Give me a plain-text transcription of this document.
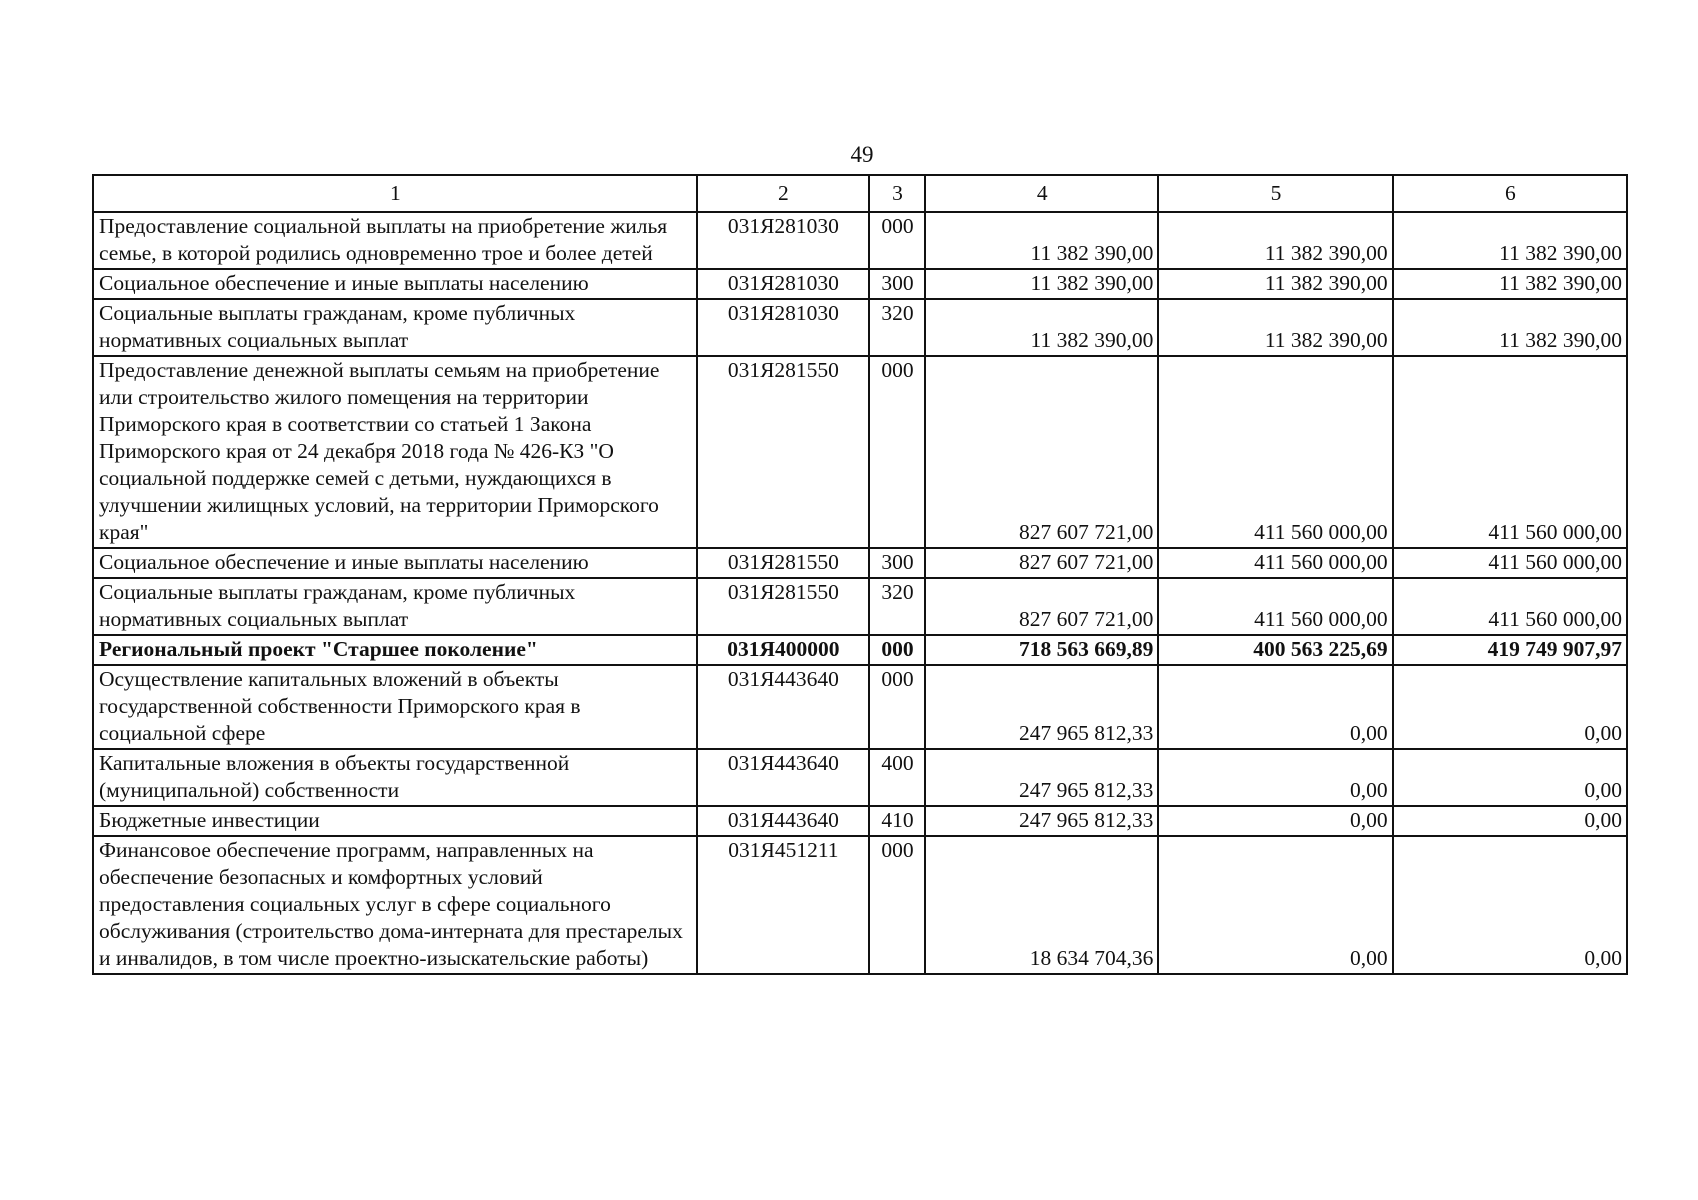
49
1	2	3	4	5	6
Предоставление социальной выплаты на приобретение жилья семье, в которой родились одновременно трое и более детей	031Я281030	000	11 382 390,00	11 382 390,00	11 382 390,00
Социальное обеспечение и иные выплаты населению	031Я281030	300	11 382 390,00	11 382 390,00	11 382 390,00
Социальные выплаты гражданам, кроме публичных нормативных социальных выплат	031Я281030	320	11 382 390,00	11 382 390,00	11 382 390,00
Предоставление денежной выплаты семьям на приобретение или строительство жилого помещения на территории Приморского края в соответствии со статьей 1 Закона Приморского края от 24 декабря 2018 года № 426-КЗ "О социальной поддержке семей с детьми, нуждающихся в улучшении жилищных условий, на территории Приморского края"	031Я281550	000	827 607 721,00	411 560 000,00	411 560 000,00
Социальное обеспечение и иные выплаты населению	031Я281550	300	827 607 721,00	411 560 000,00	411 560 000,00
Социальные выплаты гражданам, кроме публичных нормативных социальных выплат	031Я281550	320	827 607 721,00	411 560 000,00	411 560 000,00
Региональный проект "Старшее поколение"	031Я400000	000	718 563 669,89	400 563 225,69	419 749 907,97
Осуществление капитальных вложений в объекты государственной собственности Приморского края в социальной сфере	031Я443640	000	247 965 812,33	0,00	0,00
Капитальные вложения в объекты государственной (муниципальной) собственности	031Я443640	400	247 965 812,33	0,00	0,00
Бюджетные инвестиции	031Я443640	410	247 965 812,33	0,00	0,00
Финансовое обеспечение программ, направленных на обеспечение безопасных и комфортных условий предоставления социальных услуг в сфере социального обслуживания (строительство дома-интерната для престарелых и инвалидов, в том числе проектно-изыскательские работы)	031Я451211	000	18 634 704,36	0,00	0,00
